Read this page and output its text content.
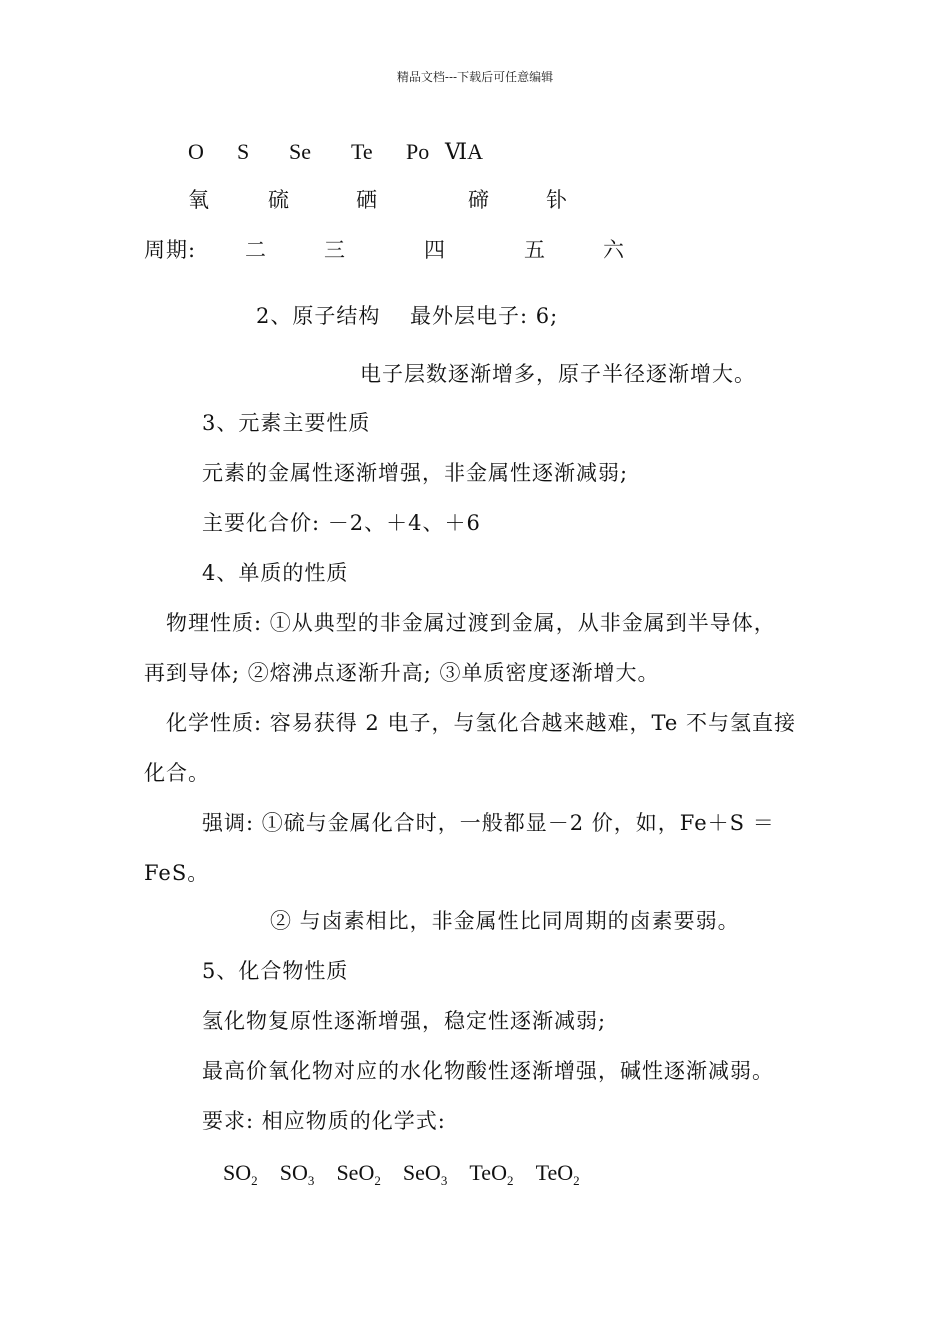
精品文档---下载后可任意编辑
O S Se Te Po ⅥA
氧	硫	硒	碲	钋
周期: 二	三	四	五	六
2、原子结构　 最外层电子: 6;
电子层数逐渐增多，原子半径逐渐增大。
3、元素主要性质
元素的金属性逐渐增强，非金属性逐渐减弱;
主要化合价: －2、＋4、＋6
4、单质的性质
物理性质: ①从典型的非金属过渡到金属，从非金属到半导体，
再到导体; ②熔沸点逐渐升高; ③单质密度逐渐增大。
化学性质: 容易获得 2 电子，与氢化合越来越难，Te 不与氢直接
化合。
强调: ①硫与金属化合时，一般都显－2 价，如，Fe＋S ＝
FeS。
② 与卤素相比，非金属性比同周期的卤素要弱。
5、化合物性质
氢化物复原性逐渐增强，稳定性逐渐减弱;
最高价氧化物对应的水化物酸性逐渐增强，碱性逐渐减弱。
要求: 相应物质的化学式:
$SO_2$ $SO_3$ SeO$_2$ SeO$_3$ TeO$_2$ TeO$_2$
